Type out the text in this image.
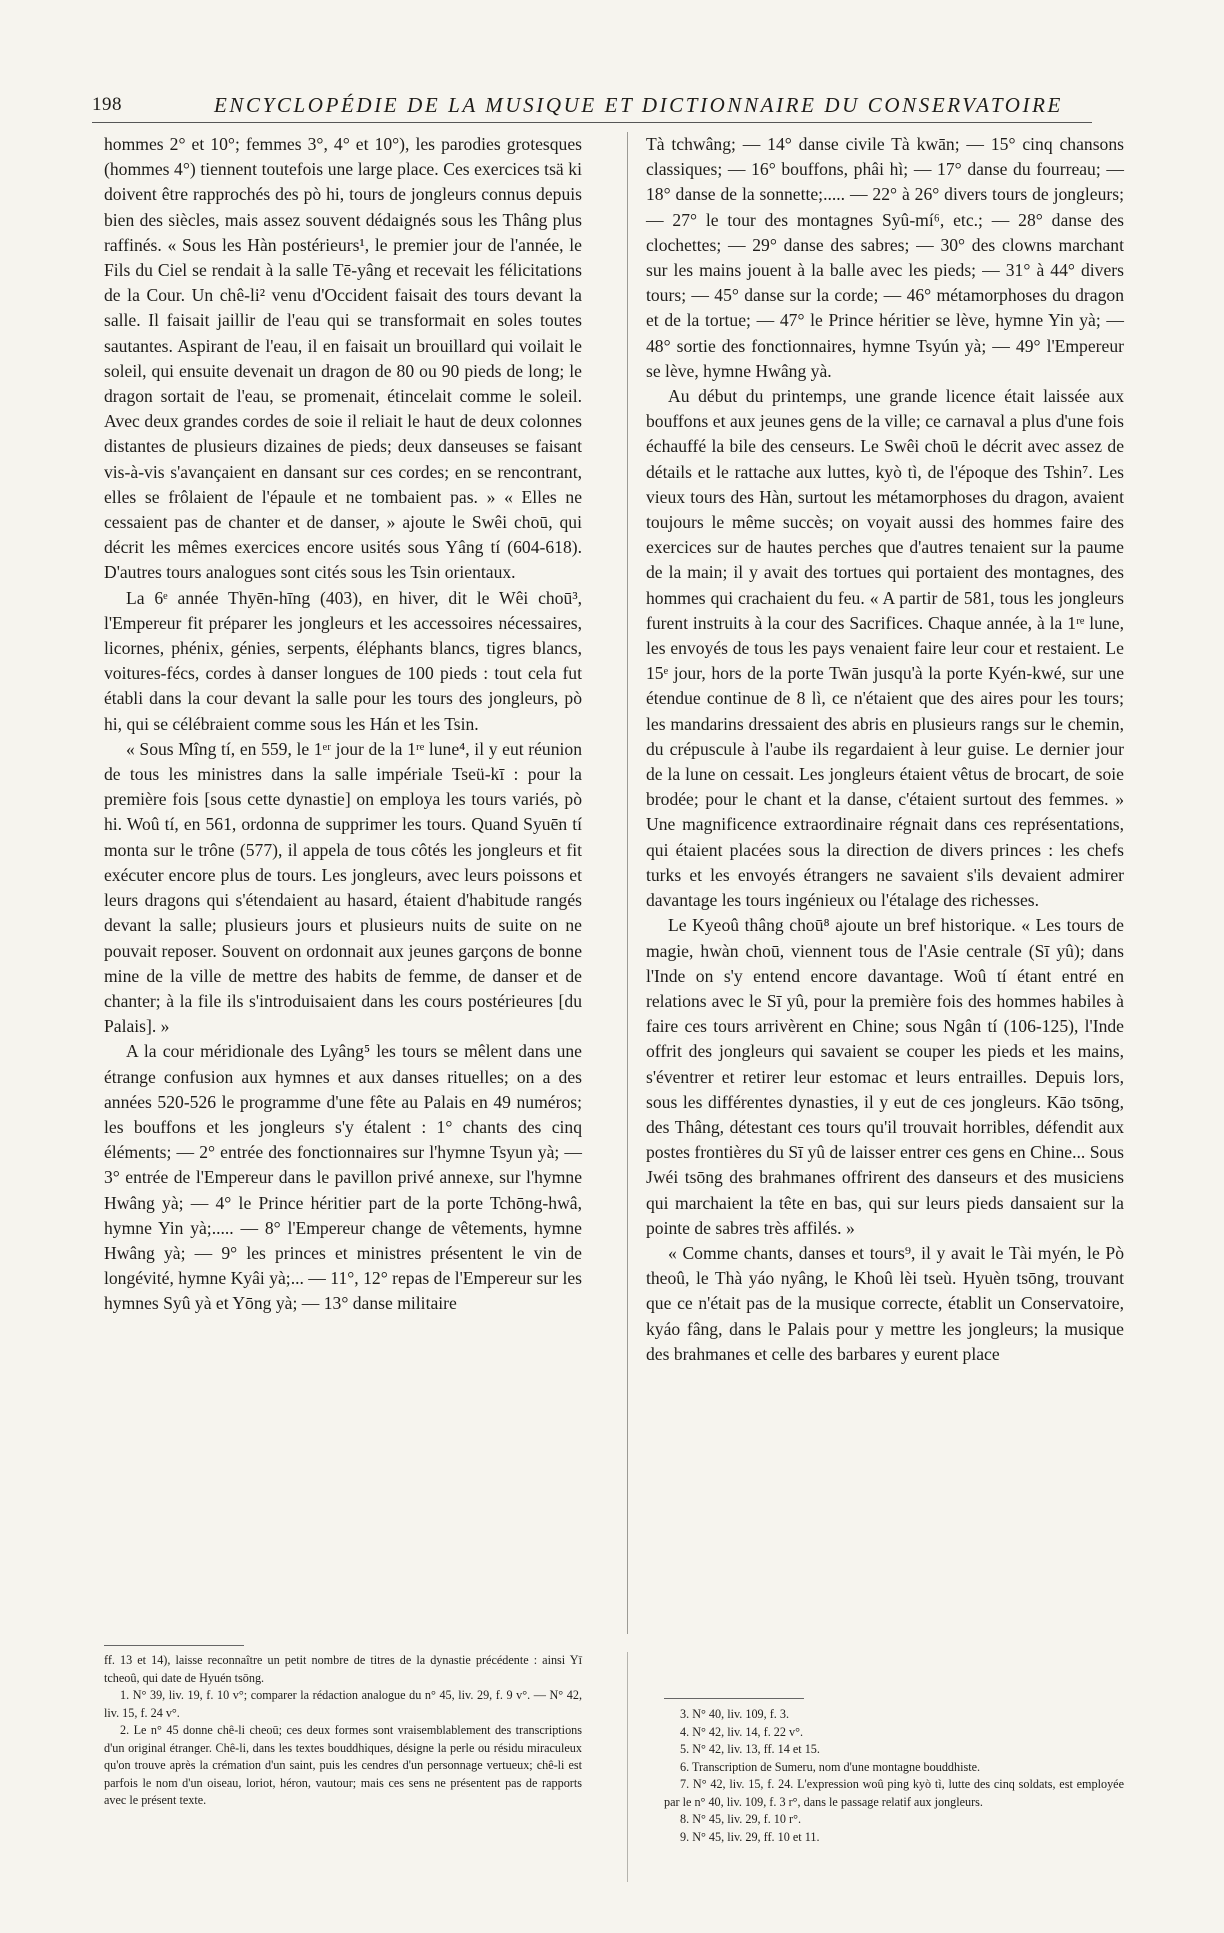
198	ENCYCLOPÉDIE DE LA MUSIQUE ET DICTIONNAIRE DU CONSERVATOIRE

hommes 2° et 10°; femmes 3°, 4° et 10°), les parodies grotesques (hommes 4°) tiennent toutefois une large place. Ces exercices tsä ki doivent être rapprochés des pò hi, tours de jongleurs connus depuis bien des siècles, mais assez souvent dédaignés sous les Thâng plus raffinés. « Sous les Hàn postérieurs¹, le premier jour de l'année, le Fils du Ciel se rendait à la salle Tē-yâng et recevait les félicitations de la Cour. Un chê-li² venu d'Occident faisait des tours devant la salle. Il faisait jaillir de l'eau qui se transformait en soles toutes sautantes. Aspirant de l'eau, il en faisait un brouillard qui voilait le soleil, qui ensuite devenait un dragon de 80 ou 90 pieds de long; le dragon sortait de l'eau, se promenait, étincelait comme le soleil. Avec deux grandes cordes de soie il reliait le haut de deux colonnes distantes de plusieurs dizaines de pieds; deux danseuses se faisant vis-à-vis s'avançaient en dansant sur ces cordes; en se rencontrant, elles se frôlaient de l'épaule et ne tombaient pas. » « Elles ne cessaient pas de chanter et de danser, » ajoute le Swêi choū, qui décrit les mêmes exercices encore usités sous Yâng tí (604-618). D'autres tours analogues sont cités sous les Tsin orientaux.

La 6ᵉ année Thyēn-hīng (403), en hiver, dit le Wêi choū³, l'Empereur fit préparer les jongleurs et les accessoires nécessaires, licornes, phénix, génies, serpents, éléphants blancs, tigres blancs, voitures-fécs, cordes à danser longues de 100 pieds : tout cela fut établi dans la cour devant la salle pour les tours des jongleurs, pò hi, qui se célébraient comme sous les Hán et les Tsin.

« Sous Mîng tí, en 559, le 1ᵉʳ jour de la 1ʳᵉ lune⁴, il y eut réunion de tous les ministres dans la salle impériale Tseü-kī : pour la première fois [sous cette dynastie] on employa les tours variés, pò hi. Woû tí, en 561, ordonna de supprimer les tours. Quand Syuēn tí monta sur le trône (577), il appela de tous côtés les jongleurs et fit exécuter encore plus de tours. Les jongleurs, avec leurs poissons et leurs dragons qui s'étendaient au hasard, étaient d'habitude rangés devant la salle; plusieurs jours et plusieurs nuits de suite on ne pouvait reposer. Souvent on ordonnait aux jeunes garçons de bonne mine de la ville de mettre des habits de femme, de danser et de chanter; à la file ils s'introduisaient dans les cours postérieures [du Palais]. »

A la cour méridionale des Lyâng⁵ les tours se mêlent dans une étrange confusion aux hymnes et aux danses rituelles; on a des années 520-526 le programme d'une fête au Palais en 49 numéros; les bouffons et les jongleurs s'y étalent : 1° chants des cinq éléments; — 2° entrée des fonctionnaires sur l'hymne Tsyun yà; — 3° entrée de l'Empereur dans le pavillon privé annexe, sur l'hymne Hwâng yà; — 4° le Prince héritier part de la porte Tchōng-hwâ, hymne Yin yà;..... — 8° l'Empereur change de vêtements, hymne Hwâng yà; — 9° les princes et ministres présentent le vin de longévité, hymne Kyâi yà;... — 11°, 12° repas de l'Empereur sur les hymnes Syû yà et Yōng yà; — 13° danse militaire

Tà tchwâng; — 14° danse civile Tà kwān; — 15° cinq chansons classiques; — 16° bouffons, phâi hì; — 17° danse du fourreau; — 18° danse de la sonnette;..... — 22° à 26° divers tours de jongleurs; — 27° le tour des montagnes Syû-mí⁶, etc.; — 28° danse des clochettes; — 29° danse des sabres; — 30° des clowns marchant sur les mains jouent à la balle avec les pieds; — 31° à 44° divers tours; — 45° danse sur la corde; — 46° métamorphoses du dragon et de la tortue; — 47° le Prince héritier se lève, hymne Yin yà; — 48° sortie des fonctionnaires, hymne Tsyún yà; — 49° l'Empereur se lève, hymne Hwâng yà.

Au début du printemps, une grande licence était laissée aux bouffons et aux jeunes gens de la ville; ce carnaval a plus d'une fois échauffé la bile des censeurs. Le Swêi choū le décrit avec assez de détails et le rattache aux luttes, kyò tì, de l'époque des Tshin⁷. Les vieux tours des Hàn, surtout les métamorphoses du dragon, avaient toujours le même succès; on voyait aussi des hommes faire des exercices sur de hautes perches que d'autres tenaient sur la paume de la main; il y avait des tortues qui portaient des montagnes, des hommes qui crachaient du feu. « A partir de 581, tous les jongleurs furent instruits à la cour des Sacrifices. Chaque année, à la 1ʳᵉ lune, les envoyés de tous les pays venaient faire leur cour et restaient. Le 15ᵉ jour, hors de la porte Twān jusqu'à la porte Kyén-kwé, sur une étendue continue de 8 lì, ce n'étaient que des aires pour les tours; les mandarins dressaient des abris en plusieurs rangs sur le chemin, du crépuscule à l'aube ils regardaient à leur guise. Le dernier jour de la lune on cessait. Les jongleurs étaient vêtus de brocart, de soie brodée; pour le chant et la danse, c'étaient surtout des femmes. » Une magnificence extraordinaire régnait dans ces représentations, qui étaient placées sous la direction de divers princes : les chefs turks et les envoyés étrangers ne savaient s'ils devaient admirer davantage les tours ingénieux ou l'étalage des richesses.

Le Kyeoû thâng choū⁸ ajoute un bref historique. « Les tours de magie, hwàn choū, viennent tous de l'Asie centrale (Sī yû); dans l'Inde on s'y entend encore davantage. Woû tí étant entré en relations avec le Sī yû, pour la première fois des hommes habiles à faire ces tours arrivèrent en Chine; sous Ngân tí (106-125), l'Inde offrit des jongleurs qui savaient se couper les pieds et les mains, s'éventrer et retirer leur estomac et leurs entrailles. Depuis lors, sous les différentes dynasties, il y eut de ces jongleurs. Kāo tsōng, des Thâng, détestant ces tours qu'il trouvait horribles, défendit aux postes frontières du Sī yû de laisser entrer ces gens en Chine... Sous Jwéi tsōng des brahmanes offrirent des danseurs et des musiciens qui marchaient la tête en bas, qui sur leurs pieds dansaient sur la pointe de sabres très affilés. »

« Comme chants, danses et tours⁹, il y avait le Tài myén, le Pò theoû, le Thà yáo nyâng, le Khoû lèi tseù. Hyuèn tsōng, trouvant que ce n'était pas de la musique correcte, établit un Conservatoire, kyáo fâng, dans le Palais pour y mettre les jongleurs; la musique des brahmanes et celle des barbares y eurent place

ff. 13 et 14), laisse reconnaître un petit nombre de titres de la dynastie précédente : ainsi Yī tcheoû, qui date de Hyuén tsōng.

1. N° 39, liv. 19, f. 10 v°; comparer la rédaction analogue du n° 45, liv. 29, f. 9 v°. — N° 42, liv. 15, f. 24 v°.

2. Le n° 45 donne chê-li cheoū; ces deux formes sont vraisemblablement des transcriptions d'un original étranger. Chê-li, dans les textes bouddhiques, désigne la perle ou résidu miraculeux qu'on trouve après la crémation d'un saint, puis les cendres d'un personnage vertueux; chê-li est parfois le nom d'un oiseau, loriot, héron, vautour; mais ces sens ne présentent pas de rapports avec le présent texte.

3. N° 40, liv. 109, f. 3.

4. N° 42, liv. 14, f. 22 v°.

5. N° 42, liv. 13, ff. 14 et 15.

6. Transcription de Sumeru, nom d'une montagne bouddhiste.

7. N° 42, liv. 15, f. 24. L'expression woû ping kyò tì, lutte des cinq soldats, est employée par le n° 40, liv. 109, f. 3 r°, dans le passage relatif aux jongleurs.

8. N° 45, liv. 29, f. 10 r°.

9. N° 45, liv. 29, ff. 10 et 11.
